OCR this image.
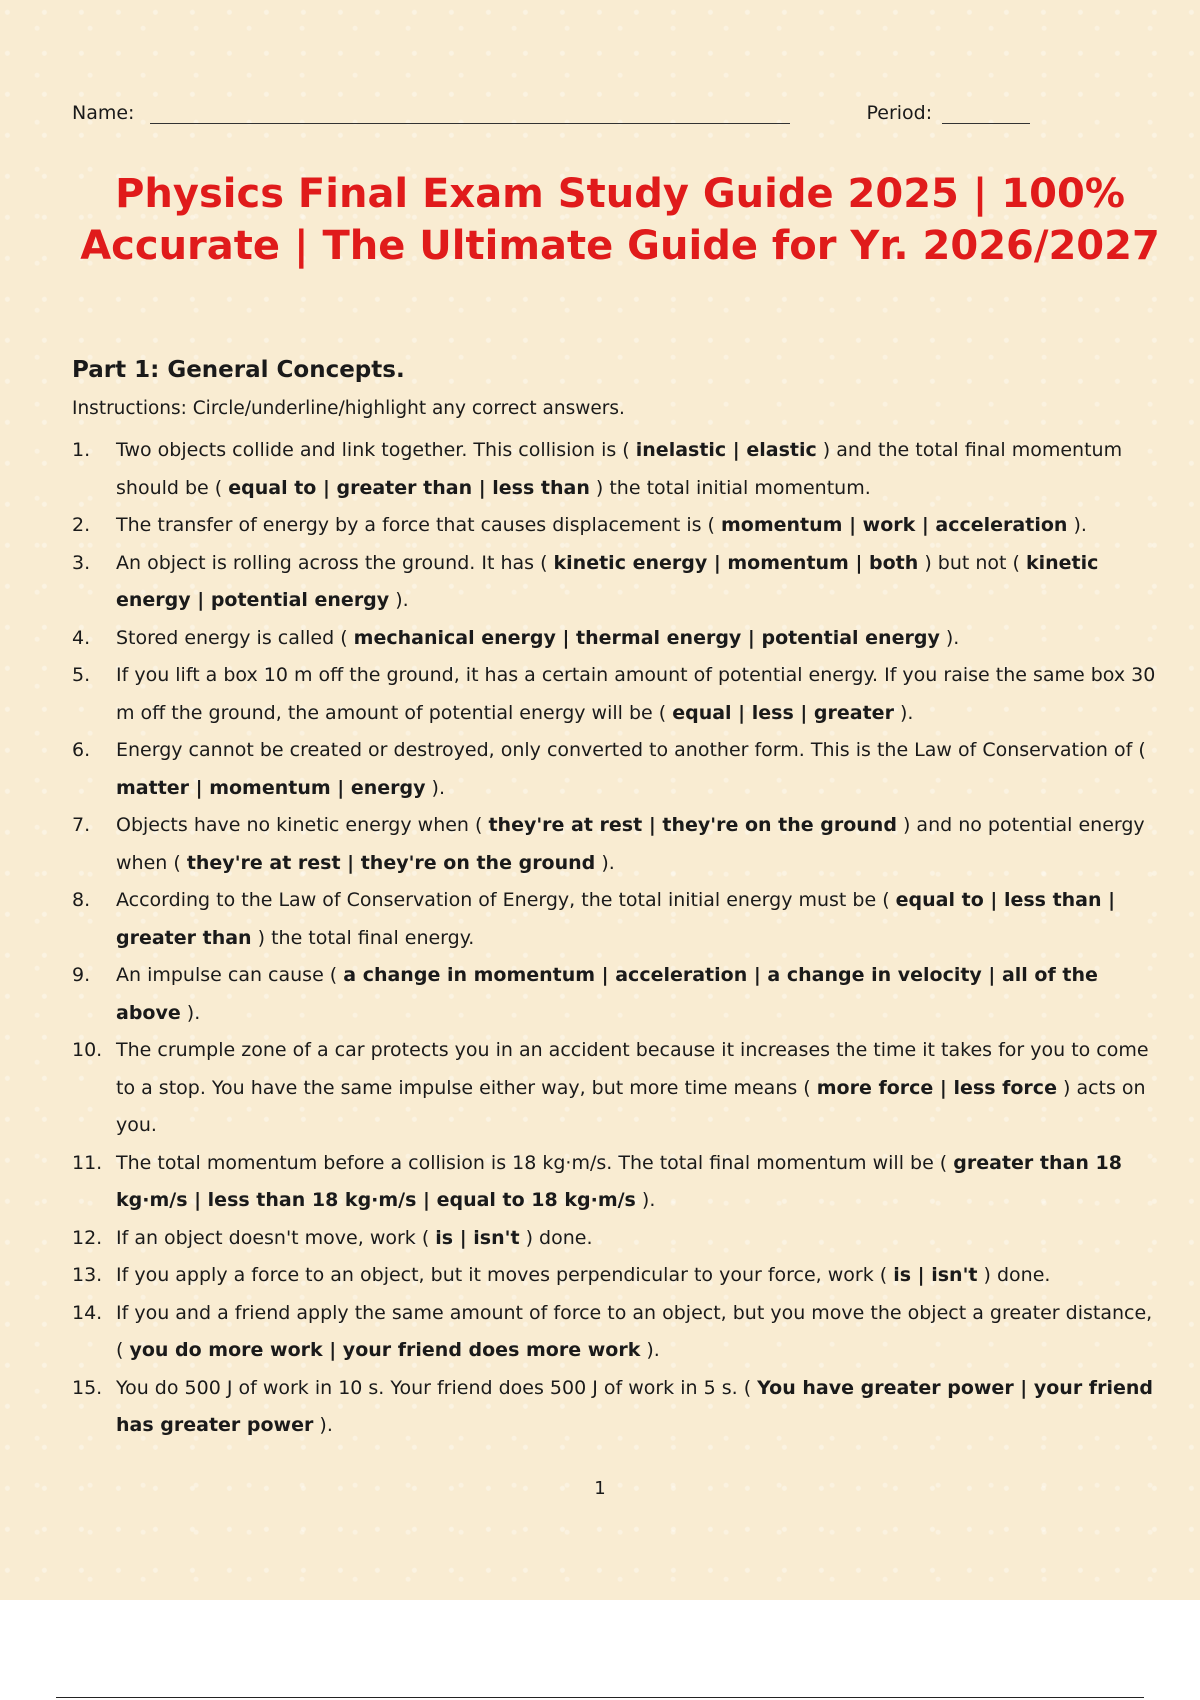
Name:	Period:
Physics Final Exam Study Guide 2025 | 100% Accurate | The Ultimate Guide for Yr. 2026/2027
Part 1: General Concepts.
Instructions: Circle/underline/highlight any correct answers.
1. Two objects collide and link together. This collision is ( inelastic | elastic ) and the total final momentum should be ( equal to | greater than | less than ) the total initial momentum.
2. The transfer of energy by a force that causes displacement is ( momentum | work | acceleration ).
3. An object is rolling across the ground. It has ( kinetic energy | momentum | both ) but not ( kinetic energy | potential energy ).
4. Stored energy is called ( mechanical energy | thermal energy | potential energy ).
5. If you lift a box 10 m off the ground, it has a certain amount of potential energy. If you raise the same box 30 m off the ground, the amount of potential energy will be ( equal | less | greater ).
6. Energy cannot be created or destroyed, only converted to another form. This is the Law of Conservation of ( matter | momentum | energy ).
7. Objects have no kinetic energy when ( they're at rest | they're on the ground ) and no potential energy when ( they're at rest | they're on the ground ).
8. According to the Law of Conservation of Energy, the total initial energy must be ( equal to | less than | greater than ) the total final energy.
9. An impulse can cause ( a change in momentum | acceleration | a change in velocity | all of the above ).
10. The crumple zone of a car protects you in an accident because it increases the time it takes for you to come to a stop. You have the same impulse either way, but more time means ( more force | less force ) acts on you.
11. The total momentum before a collision is 18 kg·m/s. The total final momentum will be ( greater than 18 kg·m/s | less than 18 kg·m/s | equal to 18 kg·m/s ).
12. If an object doesn't move, work ( is | isn't ) done.
13. If you apply a force to an object, but it moves perpendicular to your force, work ( is | isn't ) done.
14. If you and a friend apply the same amount of force to an object, but you move the object a greater distance, ( you do more work | your friend does more work ).
15. You do 500 J of work in 10 s. Your friend does 500 J of work in 5 s. ( You have greater power | your friend has greater power ).
1
